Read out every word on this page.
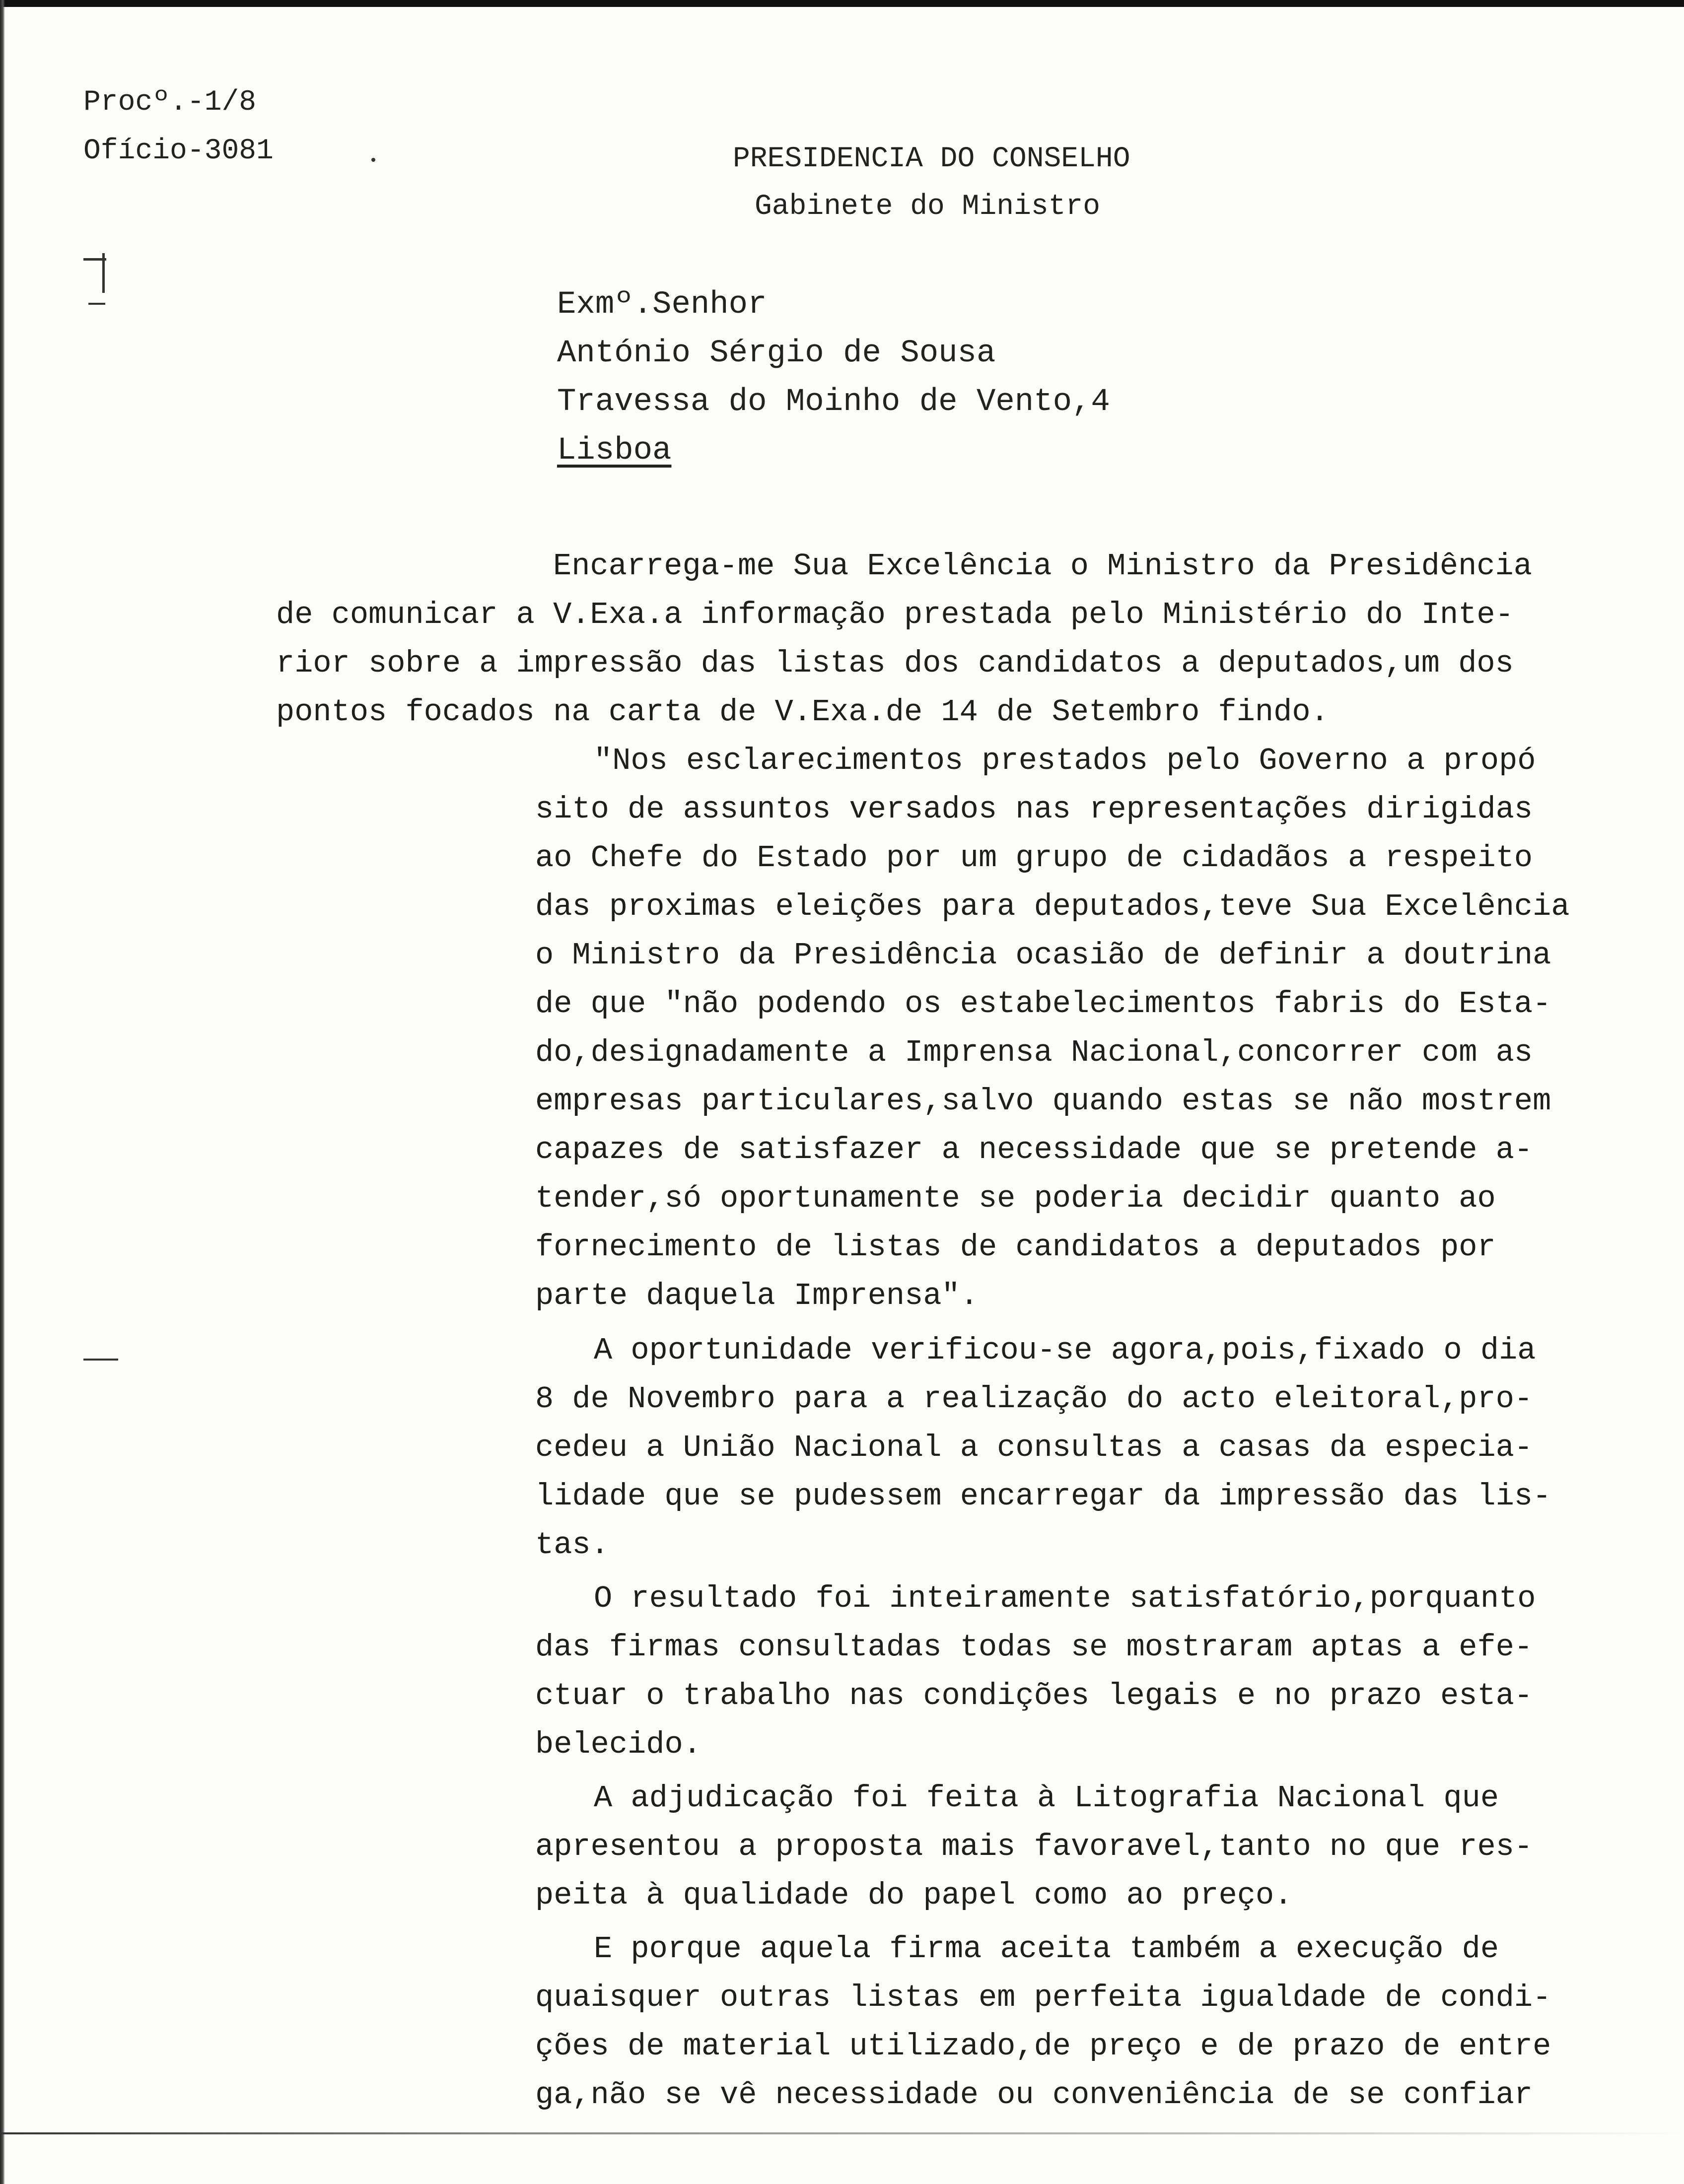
Procº.-1/8
Ofício-3081	PRESIDENCIA DO CONSELHO
Gabinete do Ministro
Exmº.Senhor
António Sérgio de Sousa
Travessa do Moinho de Vento,4
Lisboa
Encarrega-me Sua Excelência o Ministro da Presidência
de comunicar a V.Exa.a informação prestada pelo Ministério do Inte-
rior sobre a impressão das listas dos candidatos a deputados,um dos
pontos focados na carta de V.Exa.de 14 de Setembro findo.
"Nos esclarecimentos prestados pelo Governo a propó
sito de assuntos versados nas representações dirigidas
ao Chefe do Estado por um grupo de cidadãos a respeito
das proximas eleições para deputados,teve Sua Excelência
o Ministro da Presidência ocasião de definir a doutrina
de que "não podendo os estabelecimentos fabris do Esta-
do,designadamente a Imprensa Nacional,concorrer com as
empresas particulares,salvo quando estas se não mostrem
capazes de satisfazer a necessidade que se pretende a-
tender,só oportunamente se poderia decidir quanto ao
fornecimento de listas de candidatos a deputados por
parte daquela Imprensa".
A oportunidade verificou-se agora,pois,fixado o dia
8 de Novembro para a realização do acto eleitoral,pro-
cedeu a União Nacional a consultas a casas da especia-
lidade que se pudessem encarregar da impressão das lis-
tas.
O resultado foi inteiramente satisfatório,porquanto
das firmas consultadas todas se mostraram aptas a efe-
ctuar o trabalho nas condições legais e no prazo esta-
belecido.
A adjudicação foi feita à Litografia Nacional que
apresentou a proposta mais favoravel,tanto no que res-
peita à qualidade do papel como ao preço.
E porque aquela firma aceita também a execução de
quaisquer outras listas em perfeita igualdade de condi-
ções de material utilizado,de preço e de prazo de entre
ga,não se vê necessidade ou conveniência de se confiar
